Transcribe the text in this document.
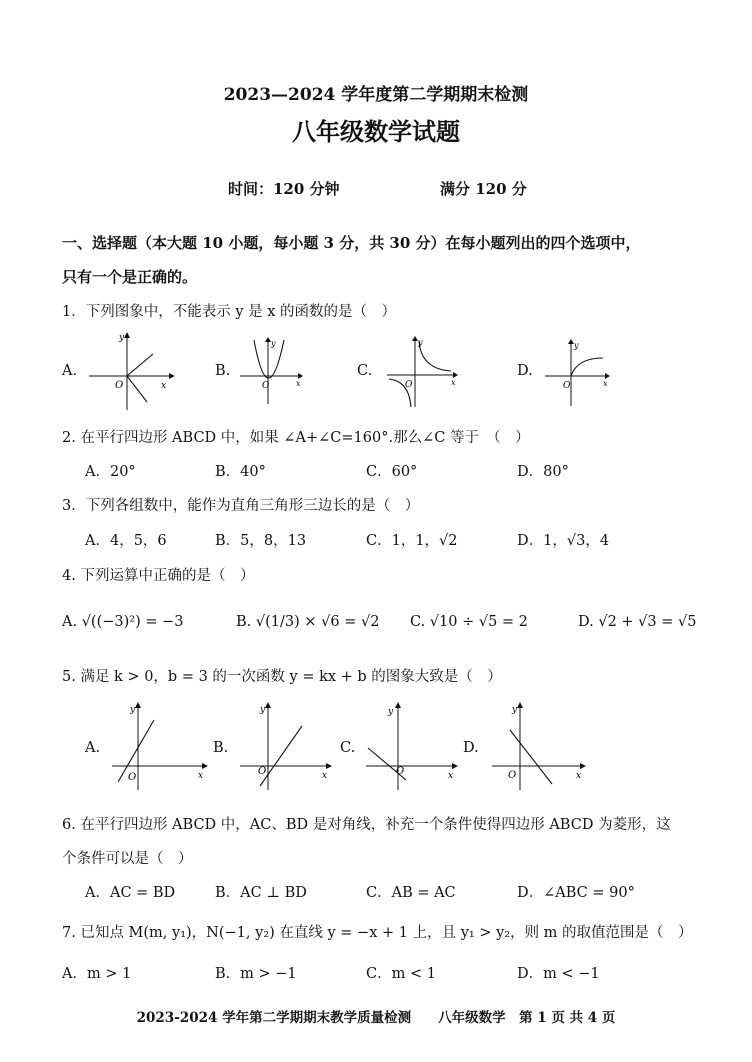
2023—2024 学年度第二学期期末检测
八年级数学试题
时间：120 分钟	满分 120 分
一、选择题（本大题 10 小题，每小题 3 分，共 30 分）在每小题列出的四个选项中，
只有一个是正确的。
1．下列图象中，不能表示 y 是 x 的函数的是（　）
A.	B.	C.	D.
O	x
y
O	x
y
O	x
y
O	x
y
2. 在平行四边形 ABCD 中，如果 ∠A+∠C=160°.那么∠C 等于　（　）
A．20°	B．40°	C．60°	D．80°
3．下列各组数中，能作为直角三角形三边长的是（　）
A．4，5，6	B．5，8，13	C．1，1，√2	D．1，√3，4
4. 下列运算中正确的是（　）
A. √((−3)²) = −3	B. √(1/3) × √6 = √2 C. √10 ÷ √5 = 2	D. √2 + √3 = √5
5. 满足 k > 0，b = 3 的一次函数 y = kx + b 的图象大致是（　）
A.	B.	C.	D.
O	x
y
O	x
y
O	x
y
O	x
y
6. 在平行四边形 ABCD 中，AC、BD 是对角线，补充一个条件使得四边形 ABCD 为菱形，这
个条件可以是（　）
A．AC = BD	B．AC ⊥ BD	C．AB = AC	D．∠ABC = 90°
7. 已知点 M(m, y₁)，N(−1, y₂) 在直线 y = −x + 1 上，且 y₁ > y₂，则 m 的取值范围是（　）
A．m > 1	B．m > −1	C．m < 1	D．m < −1
2023-2024 学年第二学期期末教学质量检测　　八年级数学　第 1 页 共 4 页
